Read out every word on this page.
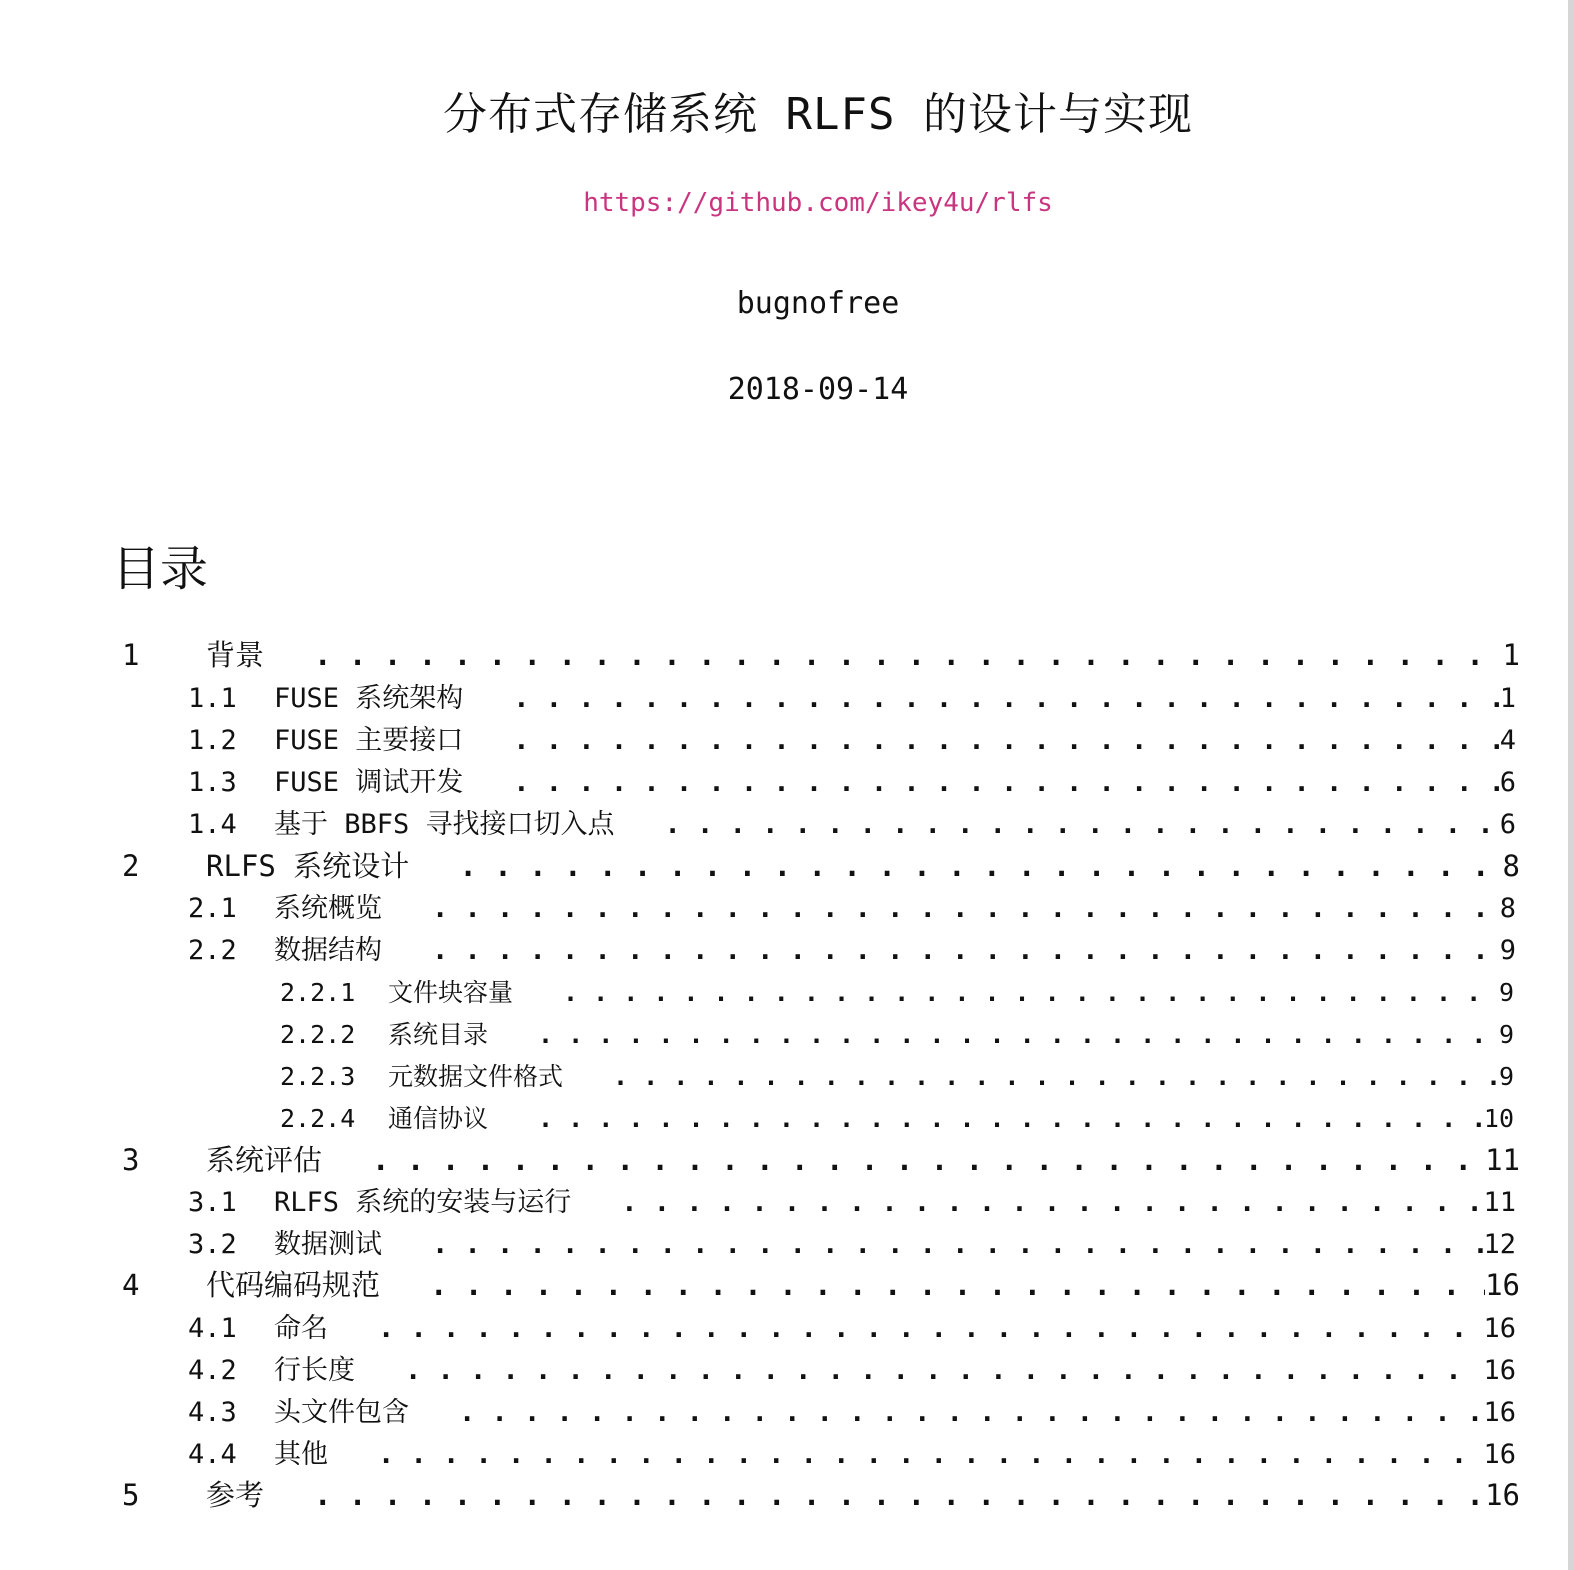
分布式存储系统 RLFS 的设计与实现
https://github.com/ikey4u/rlfs
bugnofree
2018-09-14
目录
1	背景 . . .	1
1.1	FUSE 系统架构 . . .	1
1.2	FUSE 主要接口 . . .	4
1.3	FUSE 调试开发 . . .	6
1.4	基于 BBFS 寻找接口切入点 . . .	6
2	RLFS 系统设计 . . .	8
2.1	系统概览 . . .	8
2.2	数据结构 . . .	9
2.2.1	文件块容量 . . .	9
2.2.2	系统目录 . . .	9
2.2.3	元数据文件格式 . . .	9
2.2.4	通信协议 . . .	10
3	系统评估 . . .	11
3.1	RLFS 系统的安装与运行 . . .	11
3.2	数据测试 . . .	12
4	代码编码规范 . . .	16
4.1	命名 . . .	16
4.2	行长度 . . .	16
4.3	头文件包含 . . .	16
4.4	其他 . . .	16
5	参考 . . .	16
